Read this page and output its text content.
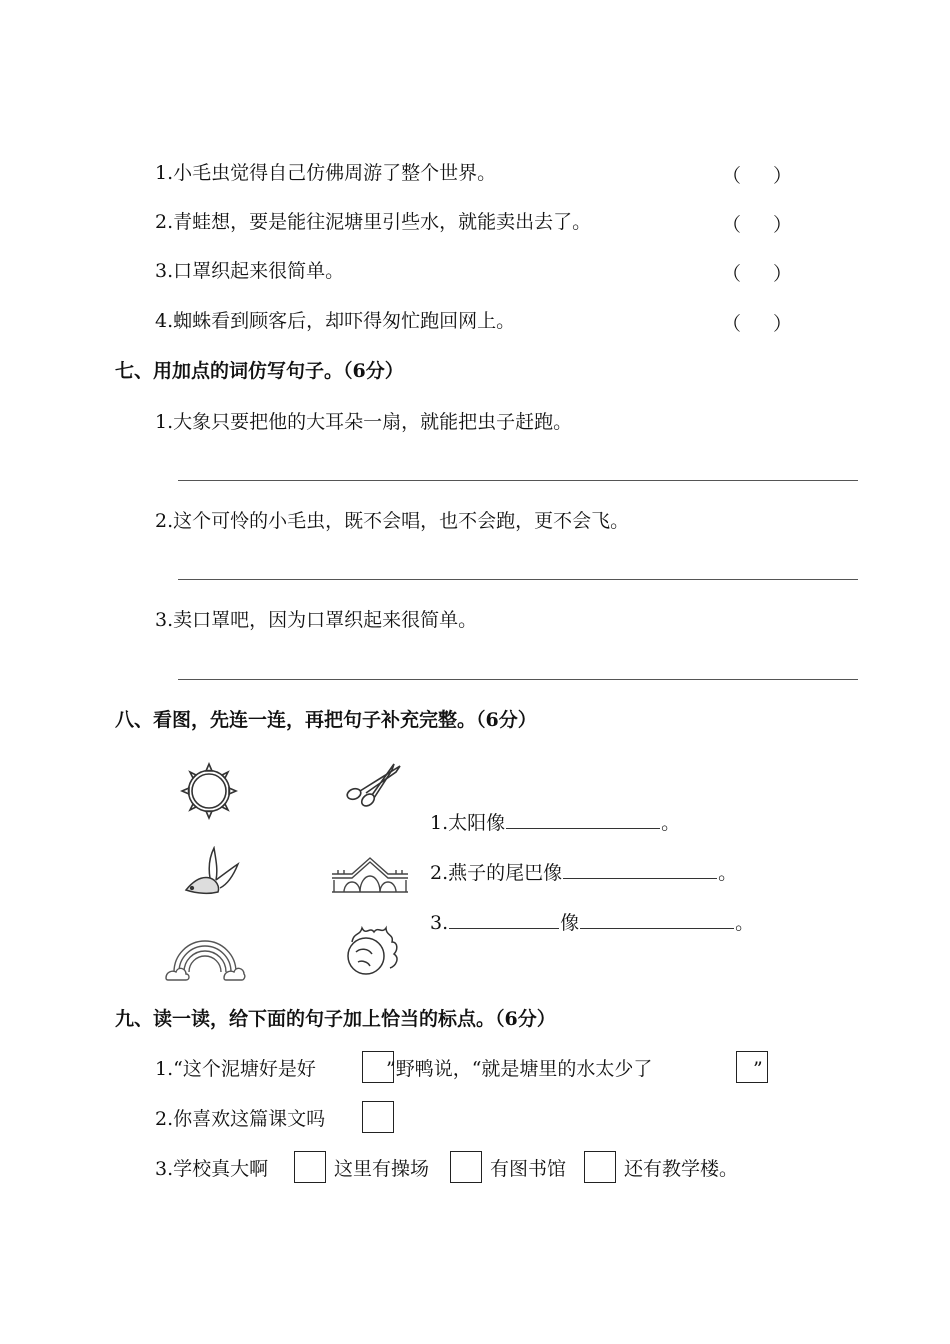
1.小毛虫觉得自己仿佛周游了整个世界。	（ ）
2.青蛙想，要是能往泥塘里引些水，就能卖出去了。	（ ）
3.口罩织起来很简单。	（ ）
4.蜘蛛看到顾客后，却吓得匆忙跑回网上。	（ ）
七、用加点的词仿写句子。（6分）
1.大象只要把他的大耳朵一扇，就能把虫子赶跑。
2.这个可怜的小毛虫，既不会唱，也不会跑，更不会飞。
3.卖口罩吧，因为口罩织起来很简单。
八、看图，先连一连，再把句子补充完整。（6分）
1.太阳像	。
2.燕子的尾巴像	。
3.	像	。
九、读一读，给下面的句子加上恰当的标点。（6分）
1.“这个泥塘好是好	”野鸭说，“就是塘里的水太少了	”
2.你喜欢这篇课文吗
3.学校真大啊	这里有操场	有图书馆	还有教学楼。
